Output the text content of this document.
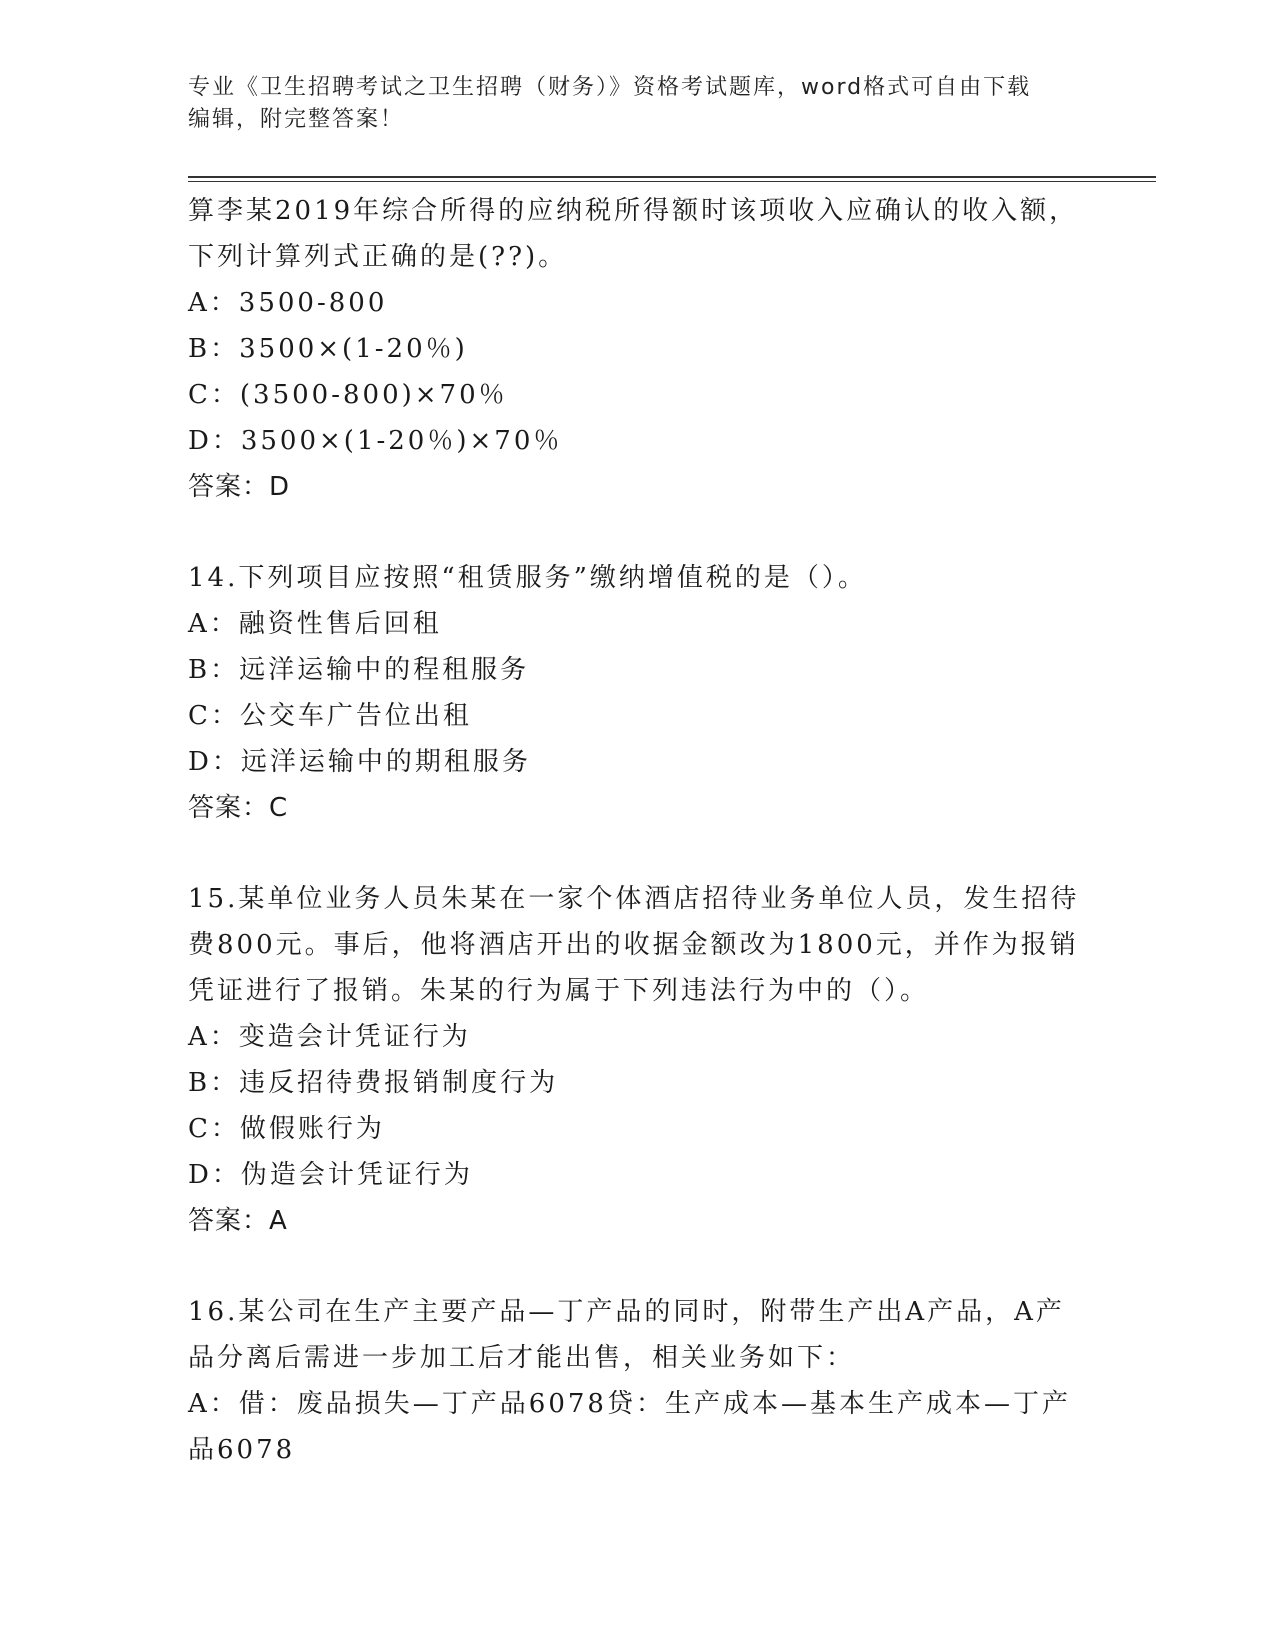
专业《卫生招聘考试之卫生招聘（财务）》资格考试题库，word格式可自由下载
编辑，附完整答案！
算李某2019年综合所得的应纳税所得额时该项收入应确认的收入额，
下列计算列式正确的是(??)。
A：3500-800
B：3500×(1-20％)
C：(3500-800)×70％
D：3500×(1-20％)×70％
答案：D
14.下列项目应按照“租赁服务”缴纳增值税的是（）。
A：融资性售后回租
B：远洋运输中的程租服务
C：公交车广告位出租
D：远洋运输中的期租服务
答案：C
15.某单位业务人员朱某在一家个体酒店招待业务单位人员，发生招待
费800元。事后，他将酒店开出的收据金额改为1800元，并作为报销
凭证进行了报销。朱某的行为属于下列违法行为中的（）。
A：变造会计凭证行为
B：违反招待费报销制度行为
C：做假账行为
D：伪造会计凭证行为
答案：A
16.某公司在生产主要产品—丁产品的同时，附带生产出A产品，A产
品分离后需进一步加工后才能出售，相关业务如下：
A：借：废品损失—丁产品6078贷：生产成本—基本生产成本—丁产
品6078
